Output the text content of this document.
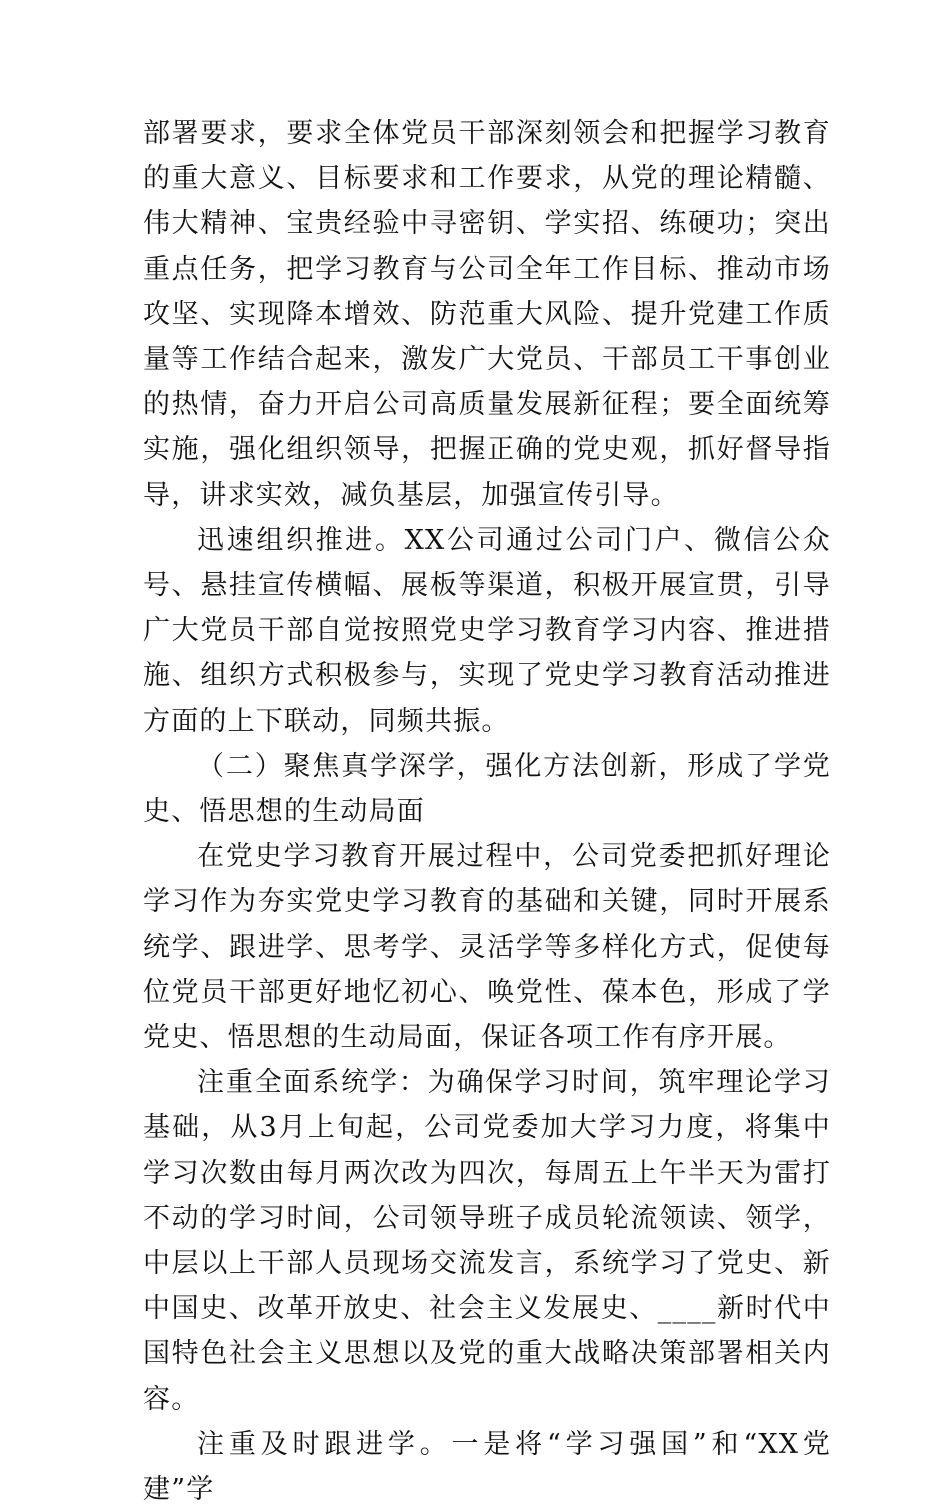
部署要求，要求全体党员干部深刻领会和把握学习教育的重大意义、目标要求和工作要求，从党的理论精髓、伟大精神、宝贵经验中寻密钥、学实招、练硬功；突出重点任务，把学习教育与公司全年工作目标、推动市场攻坚、实现降本增效、防范重大风险、提升党建工作质量等工作结合起来，激发广大党员、干部员工干事创业的热情，奋力开启公司高质量发展新征程；要全面统筹实施，强化组织领导，把握正确的党史观，抓好督导指导，讲求实效，减负基层，加强宣传引导。

迅速组织推进。XX公司通过公司门户、微信公众号、悬挂宣传横幅、展板等渠道，积极开展宣贯，引导广大党员干部自觉按照党史学习教育学习内容、推进措施、组织方式积极参与，实现了党史学习教育活动推进方面的上下联动，同频共振。

（二）聚焦真学深学，强化方法创新，形成了学党史、悟思想的生动局面

在党史学习教育开展过程中，公司党委把抓好理论学习作为夯实党史学习教育的基础和关键，同时开展系统学、跟进学、思考学、灵活学等多样化方式，促使每位党员干部更好地忆初心、唤党性、葆本色，形成了学党史、悟思想的生动局面，保证各项工作有序开展。

注重全面系统学：为确保学习时间，筑牢理论学习基础，从3月上旬起，公司党委加大学习力度，将集中学习次数由每月两次改为四次，每周五上午半天为雷打不动的学习时间，公司领导班子成员轮流领读、领学，中层以上干部人员现场交流发言，系统学习了党史、新中国史、改革开放史、社会主义发展史、____新时代中国特色社会主义思想以及党的重大战略决策部署相关内容。

注重及时跟进学。一是将“学习强国”和“XX党建”学
